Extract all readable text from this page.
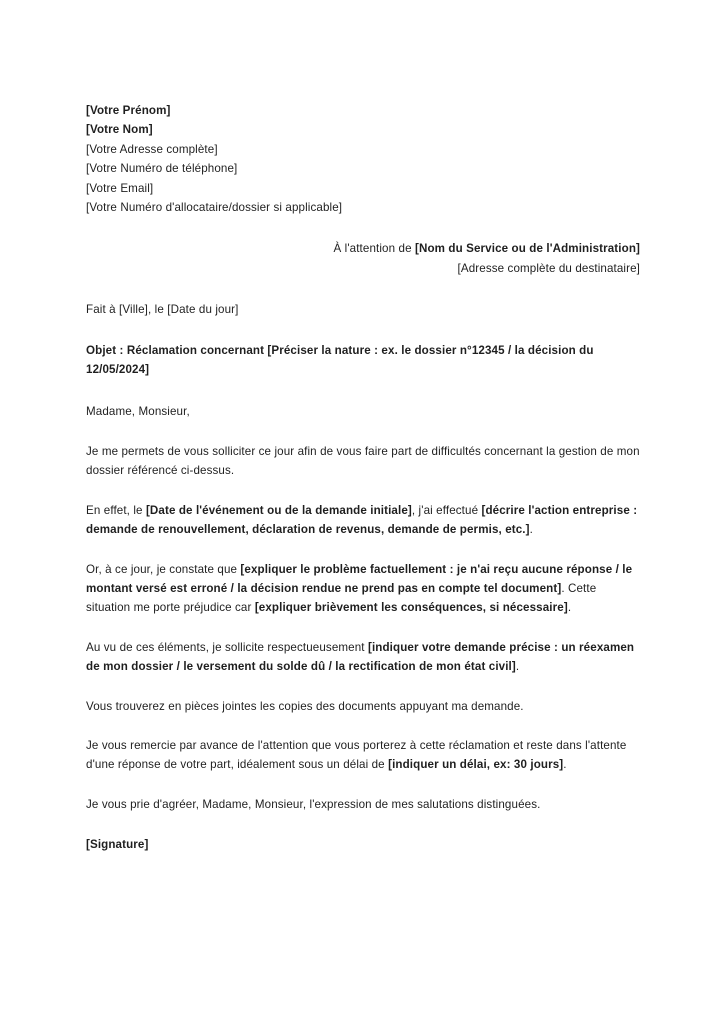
[Votre Prénom]
[Votre Nom]
[Votre Adresse complète]
[Votre Numéro de téléphone]
[Votre Email]
[Votre Numéro d'allocataire/dossier si applicable]
À l'attention de [Nom du Service ou de l'Administration]
[Adresse complète du destinataire]
Fait à [Ville], le [Date du jour]
Objet : Réclamation concernant [Préciser la nature : ex. le dossier n°12345 / la décision du 12/05/2024]
Madame, Monsieur,

Je me permets de vous solliciter ce jour afin de vous faire part de difficultés concernant la gestion de mon dossier référencé ci-dessus.

En effet, le [Date de l'événement ou de la demande initiale], j'ai effectué [décrire l'action entreprise : demande de renouvellement, déclaration de revenus, demande de permis, etc.].

Or, à ce jour, je constate que [expliquer le problème factuellement : je n'ai reçu aucune réponse / le montant versé est erroné / la décision rendue ne prend pas en compte tel document]. Cette situation me porte préjudice car [expliquer brièvement les conséquences, si nécessaire].

Au vu de ces éléments, je sollicite respectueusement [indiquer votre demande précise : un réexamen de mon dossier / le versement du solde dû / la rectification de mon état civil].

Vous trouverez en pièces jointes les copies des documents appuyant ma demande.

Je vous remercie par avance de l'attention que vous porterez à cette réclamation et reste dans l'attente d'une réponse de votre part, idéalement sous un délai de [indiquer un délai, ex: 30 jours].

Je vous prie d'agréer, Madame, Monsieur, l'expression de mes salutations distinguées.
[Signature]
